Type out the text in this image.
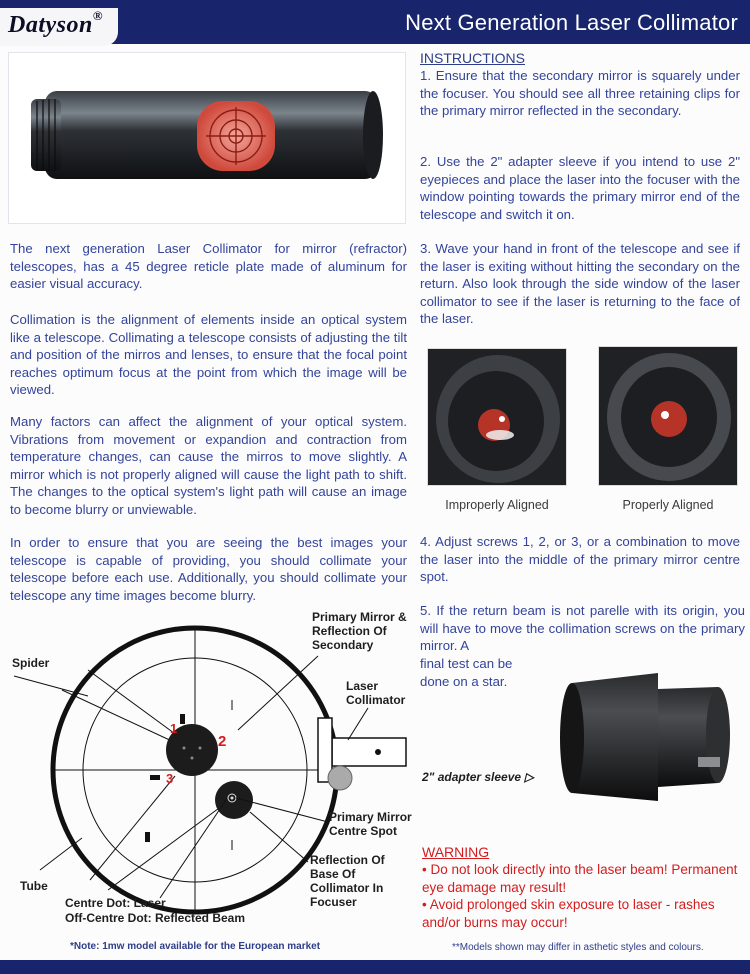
Next Generation Laser Collimator
Datyson®
The next generation Laser Collimator for mirror (refractor) telescopes, has a 45 degree reticle plate made of aluminum for easier visual accuracy.
Collimation is the alignment of elements inside an optical system like a telescope. Collimating a telescope consists of adjusting the tilt and position of the mirros and lenses, to ensure that the focal point reaches optimum focus at the point from which the image will be viewed.
Many factors can affect the alignment of your optical system. Vibrations from movement or expandion and contraction from temperature changes, can cause the mirros to move slightly. A mirror which is not properly aligned will cause the light path to shift. The changes to the optical system's light path will cause an image to become blurry or unviewable.
In order to ensure that you are seeing the best images your telescope is capable of providing, you should collimate your telescope before each use. Additionally, you should collimate your telescope any time images become blurry.
INSTRUCTIONS
1. Ensure that the secondary mirror is squarely under the focuser. You should see all three retaining clips for the primary mirror reflected in the secondary.
2. Use the 2" adapter sleeve if you intend to use 2" eyepieces and place the laser into the focuser with the window pointing towards the primary mirror end of the telescope and switch it on.
3. Wave your hand in front of the telescope and see if the laser is exiting without hitting the secondary on the return. Also look through the side window of the laser collimator to see if the laser is returning to the face of the laser.
Improperly Aligned	Properly Aligned
4. Adjust screws 1, 2, or 3, or a combination to move the laser into the middle of the primary mirror centre spot.
5. If the return beam is not parelle with its origin, you will have to move the collimation screws on the primary mirror. A
final test can be done on a star.
2" adapter sleeve ▷
WARNING
• Do not look directly into the laser beam! Permanent eye damage may result!
• Avoid prolonged skin exposure to laser - rashes and/or burns may occur!
Primary Mirror & Reflection Of Secondary
Spider
Laser Collimator
1
2
3
Primary Mirror Centre Spot
Reflection Of Base Of Collimator In Focuser
Tube
Centre Dot: Laser
Off-Centre Dot: Reflected Beam
*Note: 1mw model available for the European market	**Models shown may differ in asthetic styles and colours.
